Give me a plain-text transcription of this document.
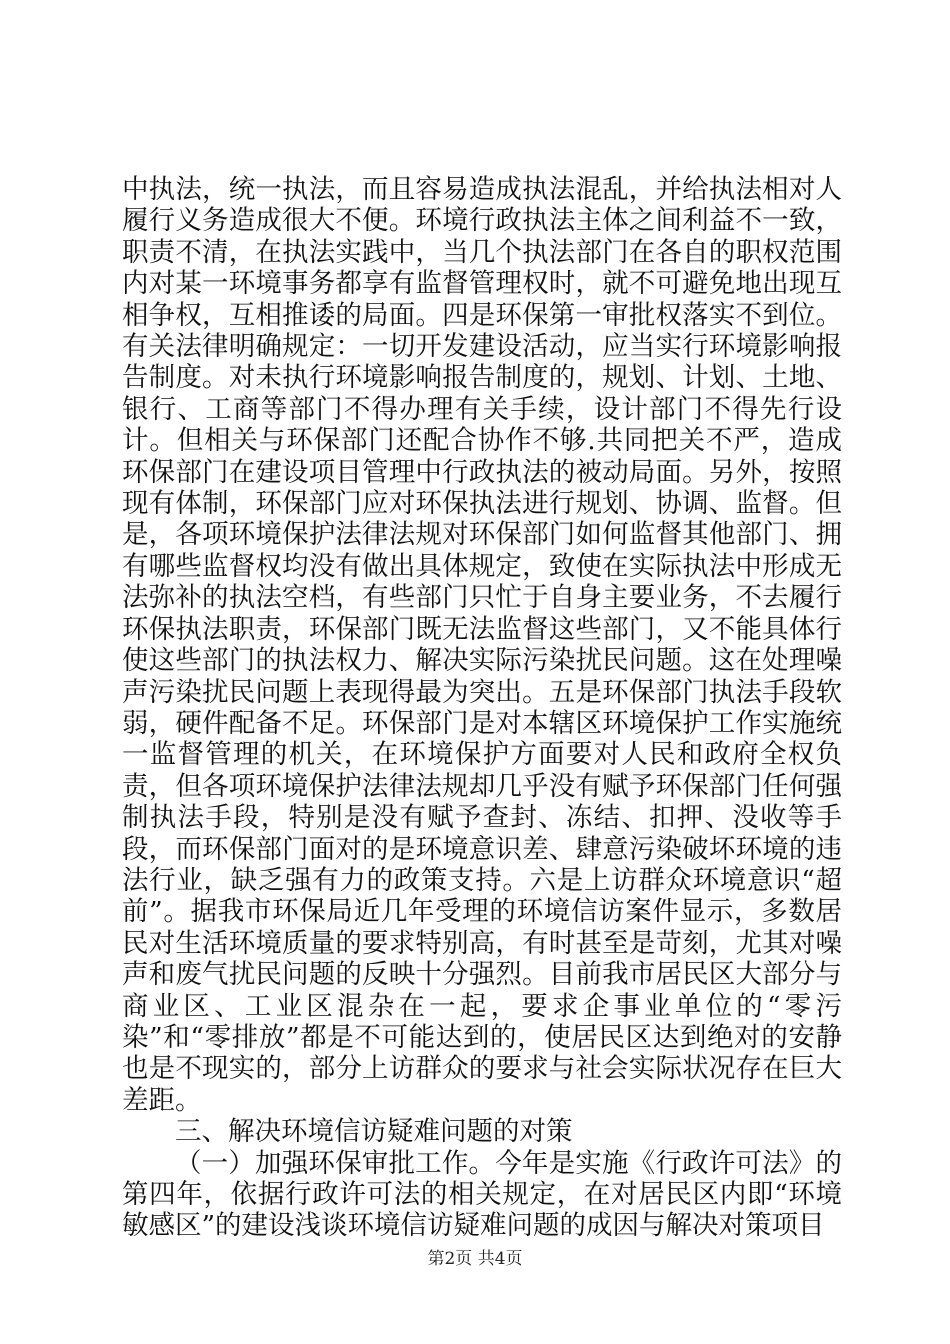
中执法，统一执法，而且容易造成执法混乱，并给执法相对人履行义务造成很大不便。环境行政执法主体之间利益不一致，职责不清，在执法实践中，当几个执法部门在各自的职权范围内对某一环境事务都享有监督管理权时，就不可避免地出现互相争权，互相推诿的局面。四是环保第一审批权落实不到位。有关法律明确规定：一切开发建设活动，应当实行环境影响报告制度。对未执行环境影响报告制度的，规划、计划、土地、银行、工商等部门不得办理有关手续，设计部门不得先行设计。但相关与环保部门还配合协作不够.共同把关不严，造成环保部门在建设项目管理中行政执法的被动局面。另外，按照现有体制，环保部门应对环保执法进行规划、协调、监督。但是，各项环境保护法律法规对环保部门如何监督其他部门、拥有哪些监督权均没有做出具体规定，致使在实际执法中形成无法弥补的执法空档，有些部门只忙于自身主要业务，不去履行环保执法职责，环保部门既无法监督这些部门，又不能具体行使这些部门的执法权力、解决实际污染扰民问题。这在处理噪声污染扰民问题上表现得最为突出。五是环保部门执法手段软弱，硬件配备不足。环保部门是对本辖区环境保护工作实施统一监督管理的机关，在环境保护方面要对人民和政府全权负责，但各项环境保护法律法规却几乎没有赋予环保部门任何强制执法手段，特别是没有赋予查封、冻结、扣押、没收等手段，而环保部门面对的是环境意识差、肆意污染破坏环境的违法行业，缺乏强有力的政策支持。六是上访群众环境意识“超前”。据我市环保局近几年受理的环境信访案件显示，多数居民对生活环境质量的要求特别高，有时甚至是苛刻，尤其对噪声和废气扰民问题的反映十分强烈。目前我市居民区大部分与商业区、工业区混杂在一起，要求企事业单位的“零污染”和“零排放”都是不可能达到的，使居民区达到绝对的安静也是不现实的，部分上访群众的要求与社会实际状况存在巨大差距。

三、解决环境信访疑难问题的对策

（一）加强环保审批工作。今年是实施《行政许可法》的第四年，依据行政许可法的相关规定，在对居民区内即“环境敏感区”的建设浅谈环境信访疑难问题的成因与解决对策项目

第2页 共4页
